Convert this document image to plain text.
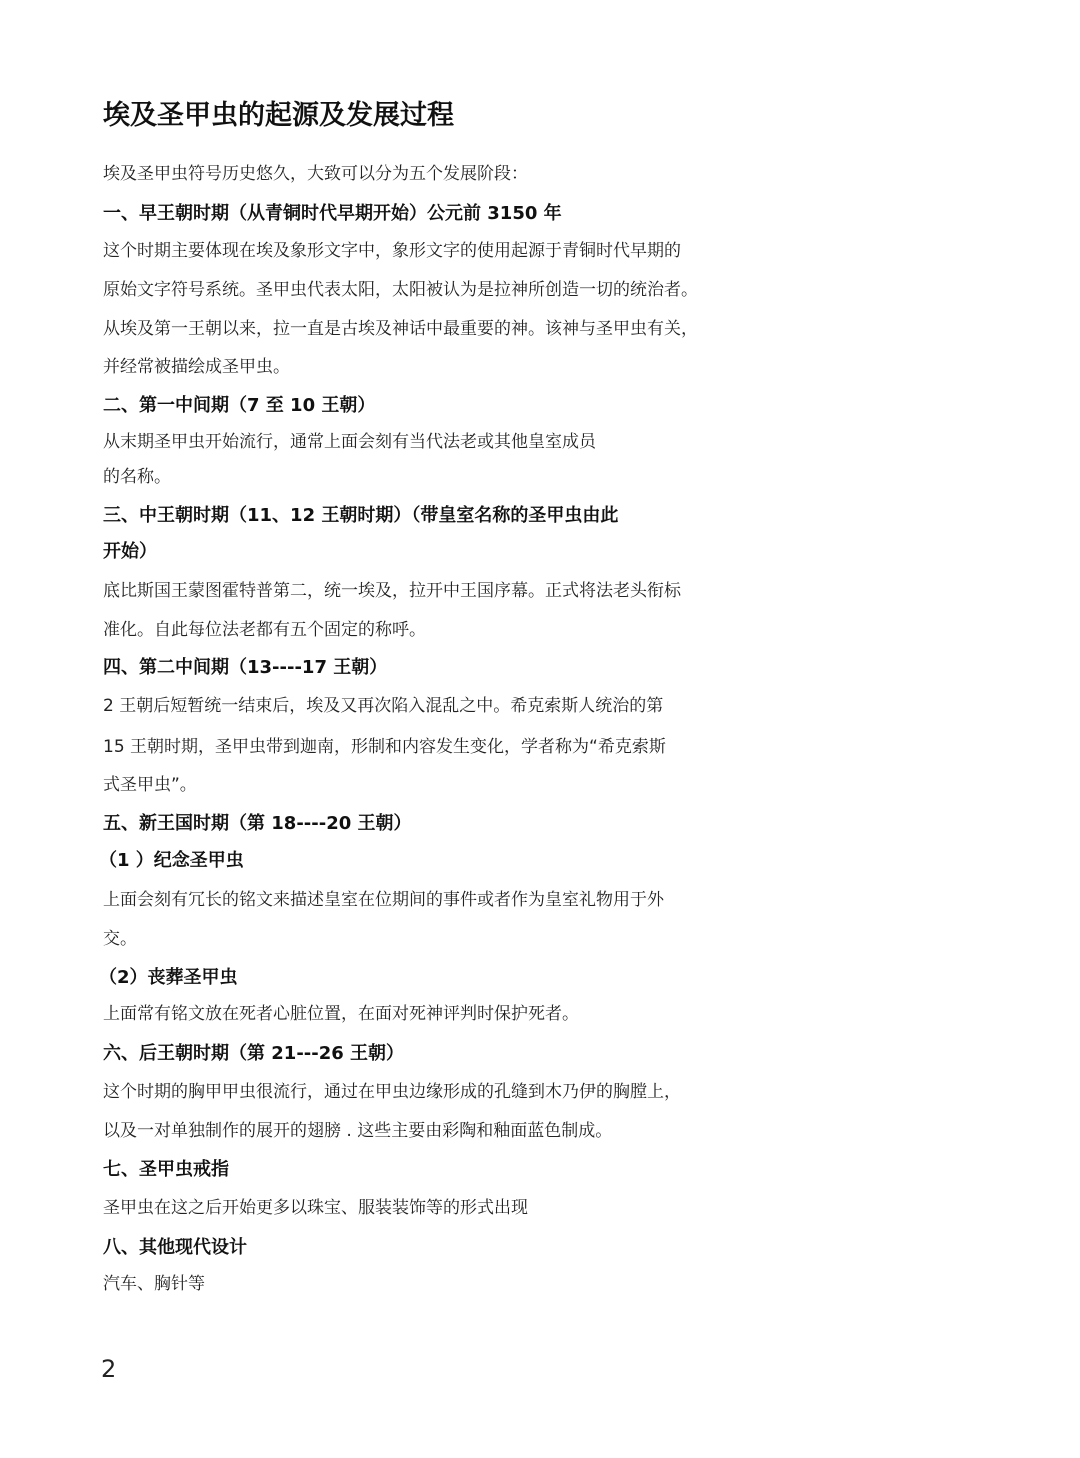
埃及圣甲虫的起源及发展过程
埃及圣甲虫符号历史悠久，大致可以分为五个发展阶段：
一、早王朝时期（从青铜时代早期开始）公元前 3150 年
这个时期主要体现在埃及象形文字中，象形文字的使用起源于青铜时代早期的
原始文字符号系统。圣甲虫代表太阳，太阳被认为是拉神所创造一切的统治者。
从埃及第一王朝以来，拉一直是古埃及神话中最重要的神。该神与圣甲虫有关，
并经常被描绘成圣甲虫。
二、第一中间期（7 至 10 王朝）
从末期圣甲虫开始流行，通常上面会刻有当代法老或其他皇室成员
的名称。
三、中王朝时期（11、12 王朝时期）（带皇室名称的圣甲虫由此
开始）
底比斯国王蒙图霍特普第二，统一埃及，拉开中王国序幕。正式将法老头衔标
准化。自此每位法老都有五个固定的称呼。
四、第二中间期（13----17 王朝）
2 王朝后短暂统一结束后，埃及又再次陷入混乱之中。希克索斯人统治的第
15 王朝时期，圣甲虫带到迦南，形制和内容发生变化，学者称为“希克索斯
式圣甲虫”。
五、新王国时期（第 18----20 王朝）
（1 ）纪念圣甲虫
上面会刻有冗长的铭文来描述皇室在位期间的事件或者作为皇室礼物用于外
交。
（2）丧葬圣甲虫
上面常有铭文放在死者心脏位置，在面对死神评判时保护死者。
六、后王朝时期（第 21---26 王朝）
这个时期的胸甲甲虫很流行，通过在甲虫边缘形成的孔缝到木乃伊的胸膛上，
以及一对单独制作的展开的翅膀 . 这些主要由彩陶和釉面蓝色制成。
七、圣甲虫戒指
圣甲虫在这之后开始更多以珠宝、服装装饰等的形式出现
八、其他现代设计
汽车、胸针等
2
